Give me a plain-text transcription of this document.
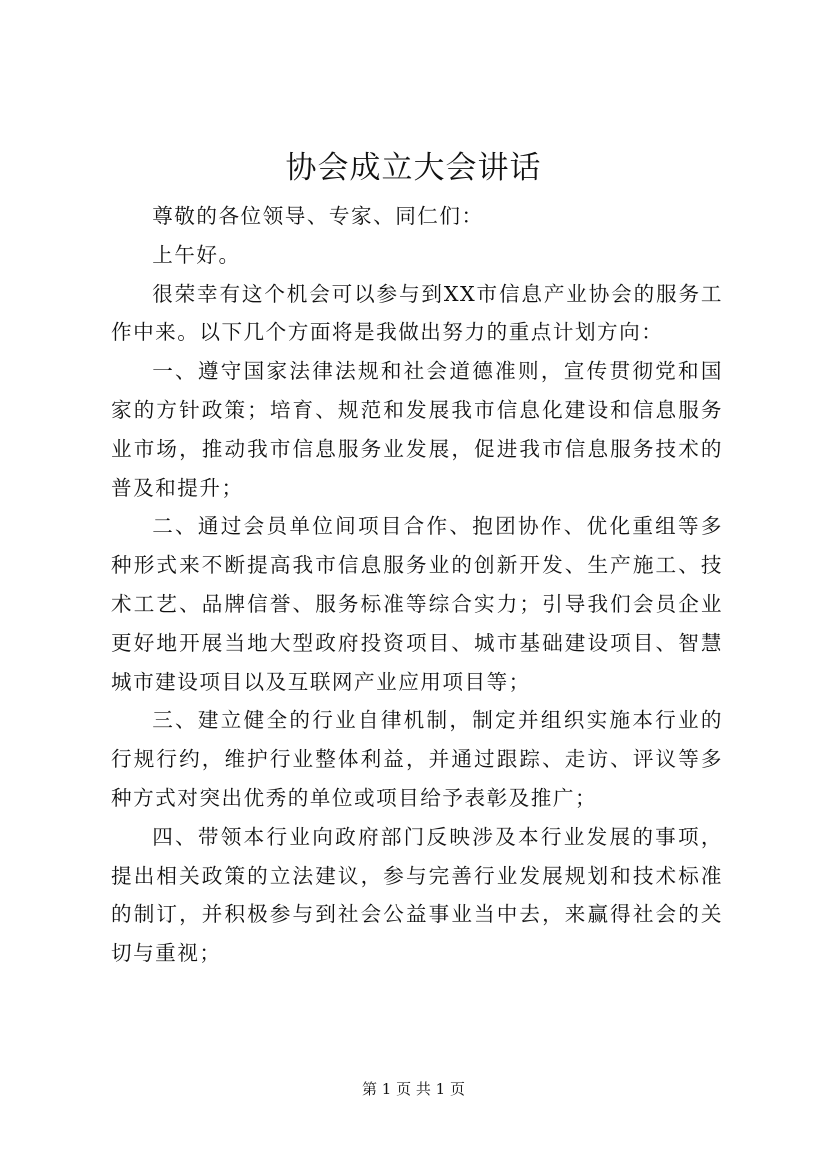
协会成立大会讲话

尊敬的各位领导、专家、同仁们：

上午好。

很荣幸有这个机会可以参与到XX市信息产业协会的服务工作中来。以下几个方面将是我做出努力的重点计划方向：

一、遵守国家法律法规和社会道德准则，宣传贯彻党和国家的方针政策；培育、规范和发展我市信息化建设和信息服务业市场，推动我市信息服务业发展，促进我市信息服务技术的普及和提升；

二、通过会员单位间项目合作、抱团协作、优化重组等多种形式来不断提高我市信息服务业的创新开发、生产施工、技术工艺、品牌信誉、服务标准等综合实力；引导我们会员企业更好地开展当地大型政府投资项目、城市基础建设项目、智慧城市建设项目以及互联网产业应用项目等；

三、建立健全的行业自律机制，制定并组织实施本行业的行规行约，维护行业整体利益，并通过跟踪、走访、评议等多种方式对突出优秀的单位或项目给予表彰及推广；

四、带领本行业向政府部门反映涉及本行业发展的事项，提出相关政策的立法建议，参与完善行业发展规划和技术标准的制订，并积极参与到社会公益事业当中去，来赢得社会的关切与重视；

第 1 页 共 1 页
